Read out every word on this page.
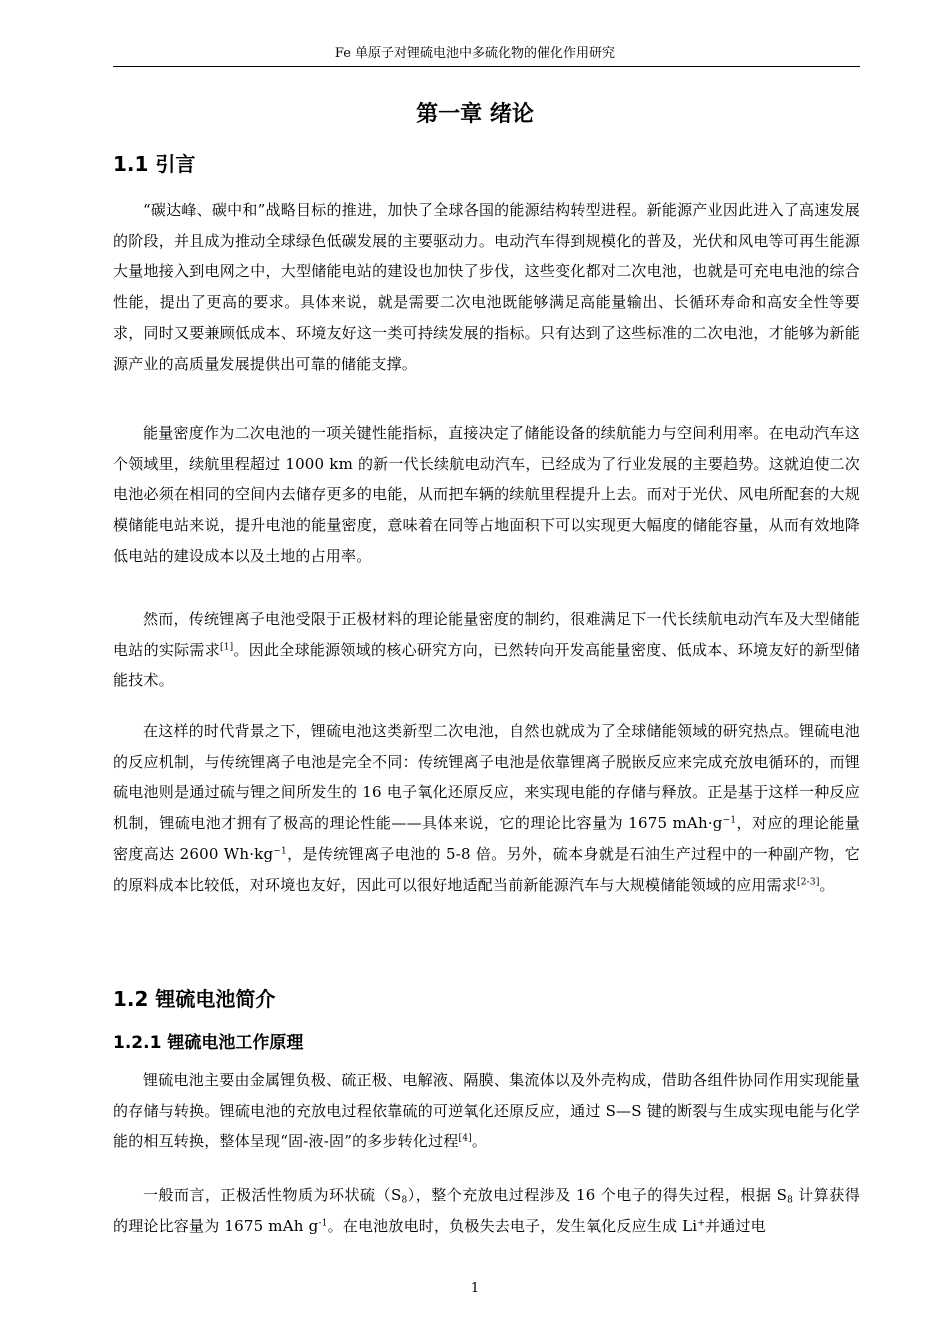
Fe 单原子对锂硫电池中多硫化物的催化作用研究
第一章 绪论
1.1 引言

“碳达峰、碳中和”战略目标的推进，加快了全球各国的能源结构转型进程。新能源产业因此进入了高速发展的阶段，并且成为推动全球绿色低碳发展的主要驱动力。电动汽车得到规模化的普及，光伏和风电等可再生能源大量地接入到电网之中，大型储能电站的建设也加快了步伐，这些变化都对二次电池，也就是可充电电池的综合性能，提出了更高的要求。具体来说，就是需要二次电池既能够满足高能量输出、长循环寿命和高安全性等要求，同时又要兼顾低成本、环境友好这一类可持续发展的指标。只有达到了这些标准的二次电池，才能够为新能源产业的高质量发展提供出可靠的储能支撑。

能量密度作为二次电池的一项关键性能指标，直接决定了储能设备的续航能力与空间利用率。在电动汽车这个领域里，续航里程超过 1000 km 的新一代长续航电动汽车，已经成为了行业发展的主要趋势。这就迫使二次电池必须在相同的空间内去储存更多的电能，从而把车辆的续航里程提升上去。而对于光伏、风电所配套的大规模储能电站来说，提升电池的能量密度，意味着在同等占地面积下可以实现更大幅度的储能容量，从而有效地降低电站的建设成本以及土地的占用率。

然而，传统锂离子电池受限于正极材料的理论能量密度的制约，很难满足下一代长续航电动汽车及大型储能电站的实际需求[1]。因此全球能源领域的核心研究方向，已然转向开发高能量密度、低成本、环境友好的新型储能技术。

在这样的时代背景之下，锂硫电池这类新型二次电池，自然也就成为了全球储能领域的研究热点。锂硫电池的反应机制，与传统锂离子电池是完全不同：传统锂离子电池是依靠锂离子脱嵌反应来完成充放电循环的，而锂硫电池则是通过硫与锂之间所发生的 16 电子氧化还原反应，来实现电能的存储与释放。正是基于这样一种反应机制，锂硫电池才拥有了极高的理论性能——具体来说，它的理论比容量为 1675 $mAh\cdot g^{-1}$，对应的理论能量密度高达 2600 $Wh\cdot kg^{-1}$，是传统锂离子电池的 5-8 倍。另外，硫本身就是石油生产过程中的一种副产物，它的原料成本比较低，对环境也友好，因此可以很好地适配当前新能源汽车与大规模储能领域的应用需求[2-3]。

1.2 锂硫电池简介
1.2.1 锂硫电池工作原理

锂硫电池主要由金属锂负极、硫正极、电解液、隔膜、集流体以及外壳构成，借助各组件协同作用实现能量的存储与转换。锂硫电池的充放电过程依靠硫的可逆氧化还原反应，通过 S—S 键的断裂与生成实现电能与化学能的相互转换，整体呈现“固-液-固”的多步转化过程[4]。

一般而言，正极活性物质为环状硫$(S_8)$，整个充放电过程涉及 16 个电子的得失过程，根据 $S_8$ 计算获得的理论比容量为 1675 mAh $g^{-1}$。在电池放电时，负极失去电子，发生氧化反应生成 Li+并通过电

1
